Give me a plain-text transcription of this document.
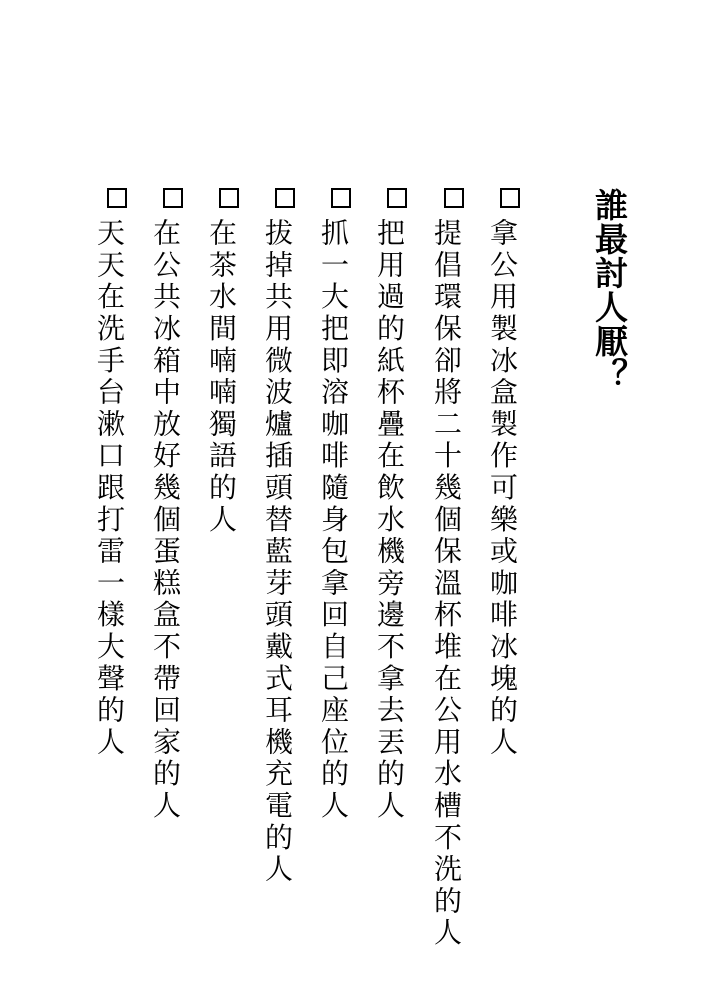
誰最討人厭？
拿公用製冰盒製作可樂或咖啡冰塊的人
提倡環保卻將二十幾個保溫杯堆在公用水槽不洗的人
把用過的紙杯疊在飲水機旁邊不拿去丟的人
抓一大把即溶咖啡隨身包拿回自己座位的人
拔掉共用微波爐插頭替藍芽頭戴式耳機充電的人
在茶水間喃喃獨語的人
在公共冰箱中放好幾個蛋糕盒不帶回家的人
天天在洗手台漱口跟打雷一樣大聲的人
